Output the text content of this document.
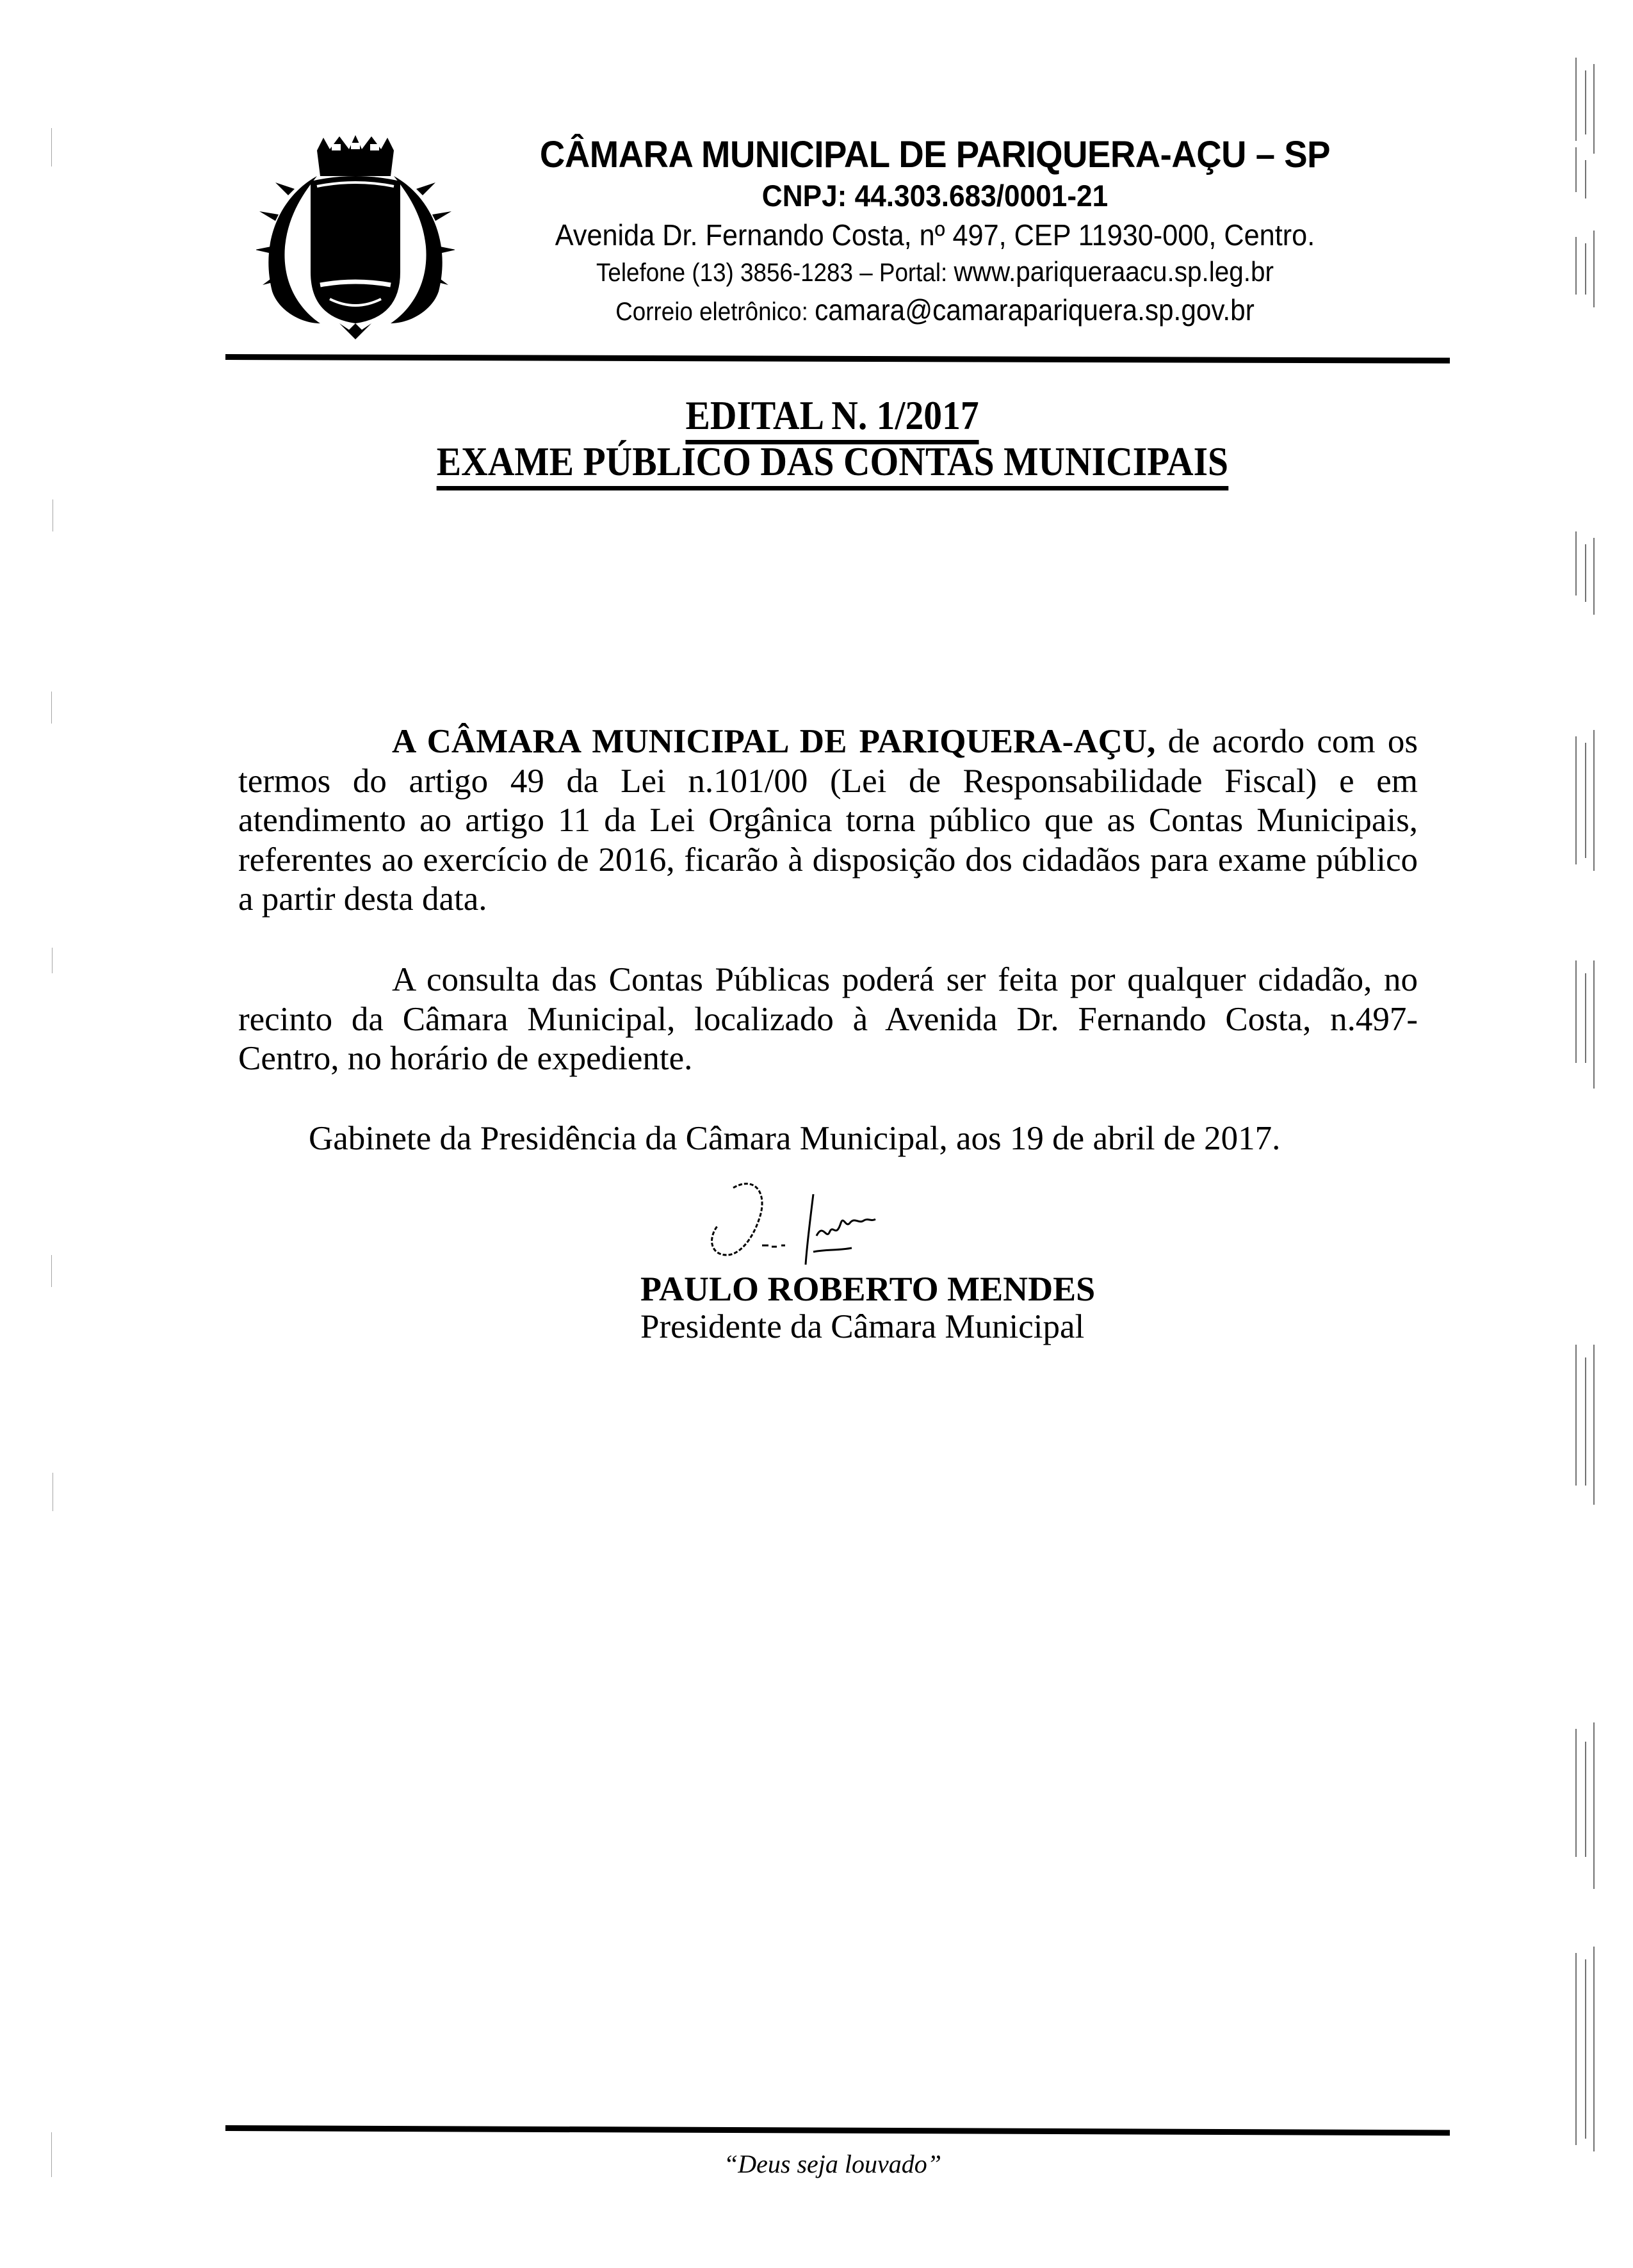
CÂMARA MUNICIPAL DE PARIQUERA-AÇU – SP
CNPJ: 44.303.683/0001-21
Avenida Dr. Fernando Costa, nº 497, CEP 11930-000, Centro.
Telefone (13) 3856-1283 – Portal: www.pariqueraacu.sp.leg.br
Correio eletrônico: camara@camarapariquera.sp.gov.br
EDITAL N. 1/2017
EXAME PÚBLICO DAS CONTAS MUNICIPAIS

A CÂMARA MUNICIPAL DE PARIQUERA-AÇU, de acordo com os termos do artigo 49 da Lei n.101/00 (Lei de Responsabilidade Fiscal) e em atendimento ao artigo 11 da Lei Orgânica torna público que as Contas Municipais, referentes ao exercício de 2016, ficarão à disposição dos cidadãos para exame público a partir desta data.

A consulta das Contas Públicas poderá ser feita por qualquer cidadão, no recinto da Câmara Municipal, localizado à Avenida Dr. Fernando Costa, n.497- Centro, no horário de expediente.

Gabinete da Presidência da Câmara Municipal, aos 19 de abril de 2017.
PAULO ROBERTO MENDES
Presidente da Câmara Municipal
“Deus seja louvado”
